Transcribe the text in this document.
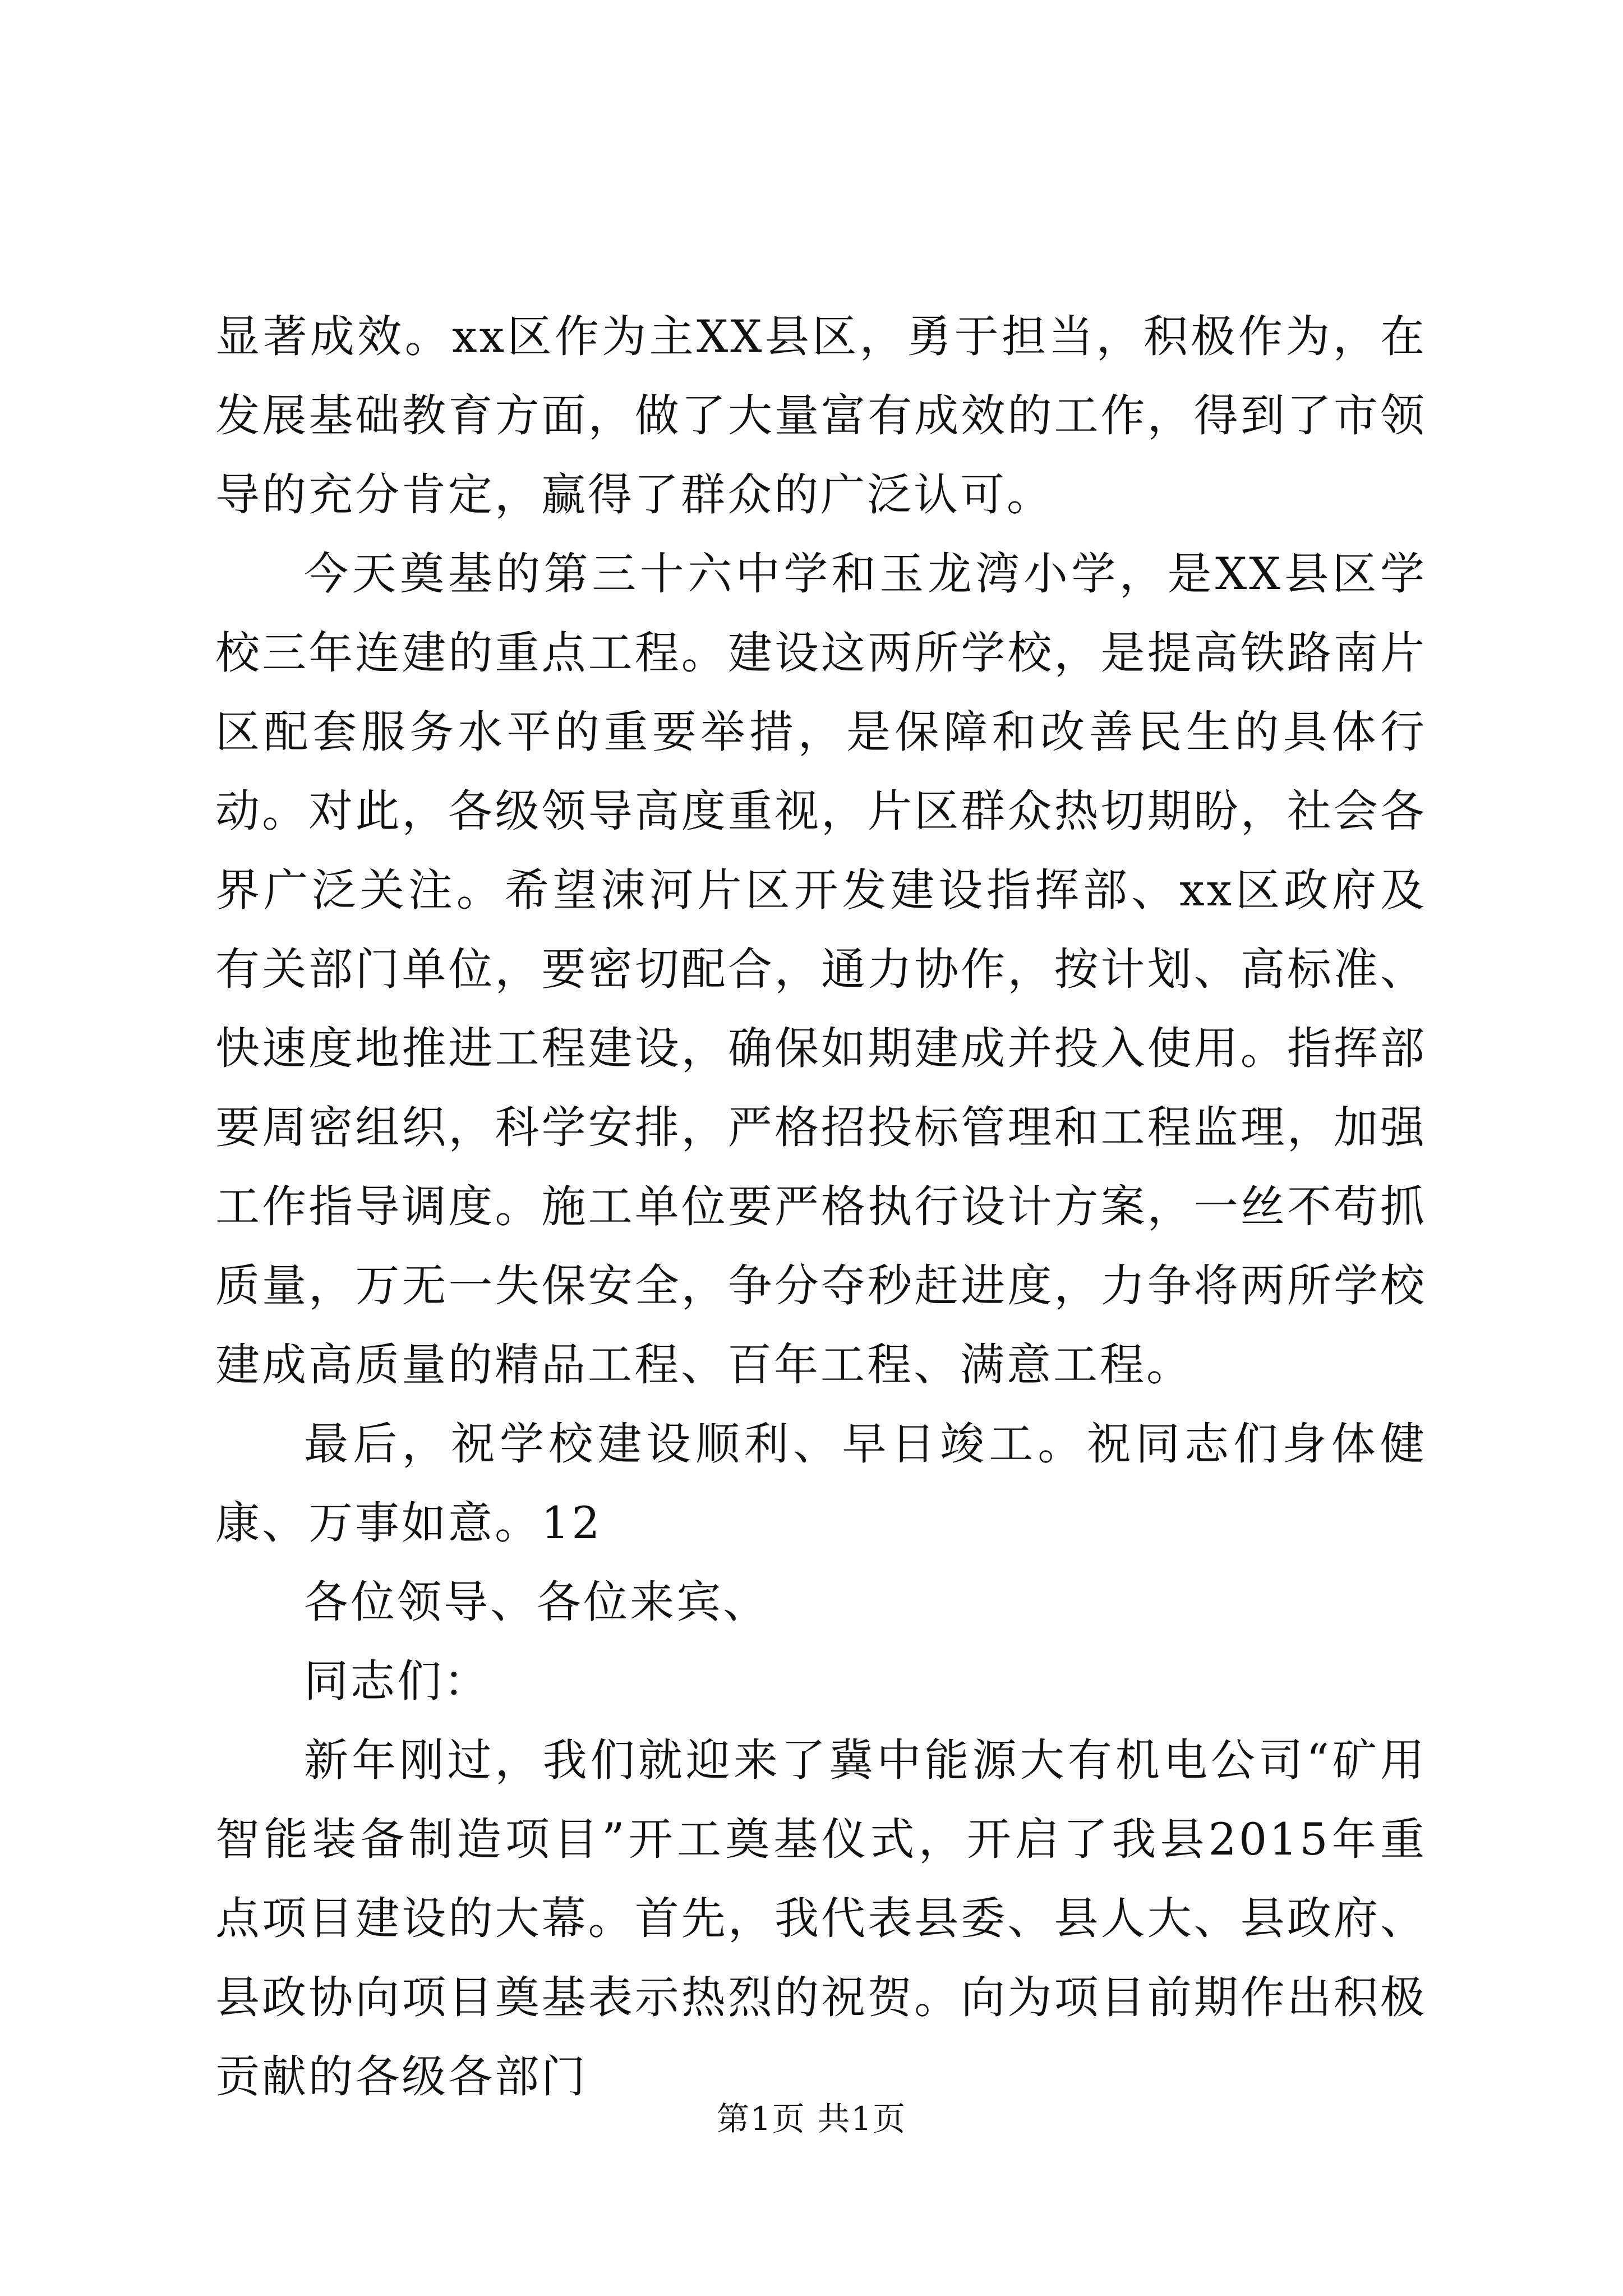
显著成效。xx区作为主XX县区，勇于担当，积极作为，在发展基础教育方面，做了大量富有成效的工作，得到了市领导的充分肯定，赢得了群众的广泛认可。

今天奠基的第三十六中学和玉龙湾小学，是XX县区学校三年连建的重点工程。建设这两所学校，是提高铁路南片区配套服务水平的重要举措，是保障和改善民生的具体行动。对此，各级领导高度重视，片区群众热切期盼，社会各界广泛关注。希望涑河片区开发建设指挥部、xx区政府及有关部门单位，要密切配合，通力协作，按计划、高标准、快速度地推进工程建设，确保如期建成并投入使用。指挥部要周密组织，科学安排，严格招投标管理和工程监理，加强工作指导调度。施工单位要严格执行设计方案，一丝不苟抓质量，万无一失保安全，争分夺秒赶进度，力争将两所学校建成高质量的精品工程、百年工程、满意工程。

最后，祝学校建设顺利、早日竣工。祝同志们身体健康、万事如意。12

各位领导、各位来宾、

同志们：

新年刚过，我们就迎来了冀中能源大有机电公司“矿用智能装备制造项目”开工奠基仪式，开启了我县2015年重点项目建设的大幕。首先，我代表县委、县人大、县政府、县政协向项目奠基表示热烈的祝贺。向为项目前期作出积极贡献的各级各部门

第1页 共1页
